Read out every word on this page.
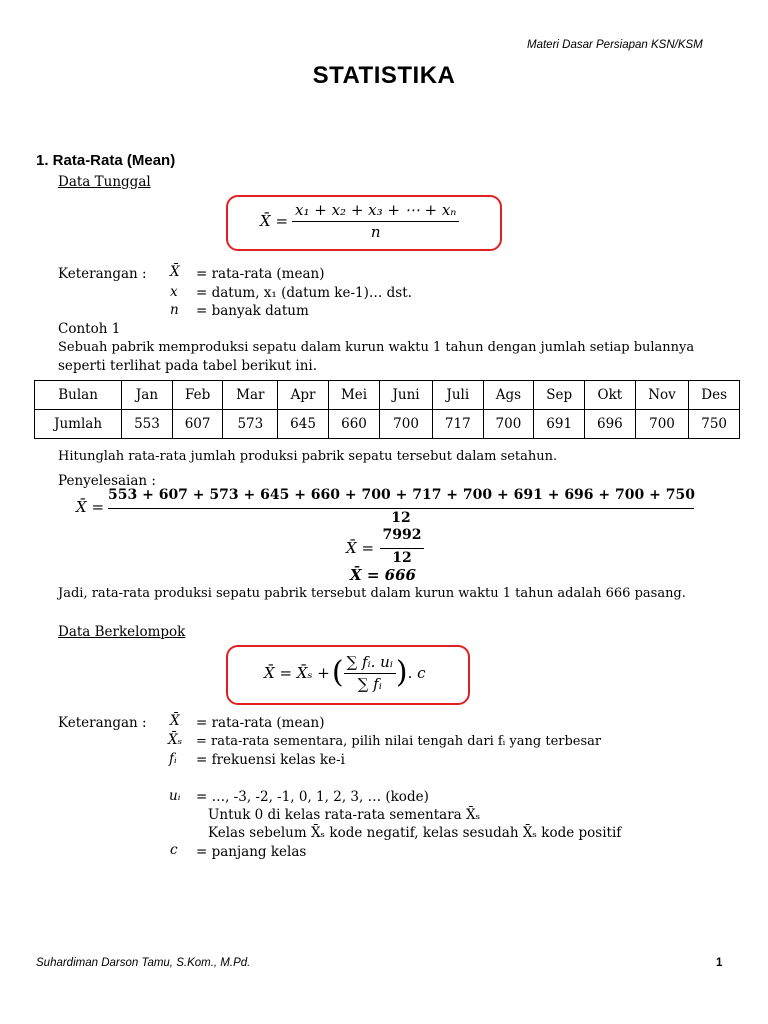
Materi Dasar Persiapan KSN/KSM
STATISTIKA
1. Rata-Rata (Mean)
Data Tunggal
X̄ = $\frac{\text{x₁ + x₂ + x₃ + ⋯ + xₙ}}{n}$
Keterangan : X̄ = rata-rata (mean)
x = datum, x₁ (datum ke-1)… dst.
n = banyak datum
Contoh 1
Sebuah pabrik memproduksi sepatu dalam kurun waktu 1 tahun dengan jumlah setiap bulannya
seperti terlihat pada tabel berikut ini.
Bulan	Jan	Feb	Mar	Apr	Mei	Juni	Juli	Ags	Sep	Okt	Nov	Des
Jumlah	553	607	573	645	660	700	717	700	691	696	700	750
Hitunglah rata-rata jumlah produksi pabrik sepatu tersebut dalam setahun.
Penyelesaian :
X̄ =
553 + 607 + 573 + 645 + 660 + 700 + 717 + 700 + 691 + 696 + 700 + 750
12
X̄ =
7992
12
X̄ = 666
Jadi, rata-rata produksi sepatu pabrik tersebut dalam kurun waktu 1 tahun adalah 666 pasang.
Data Berkelompok
X̄ = X̄ₛ + ( $\frac{\text{∑ fᵢ. uᵢ}}{\text{∑ fᵢ}}$ ) . c
Keterangan : X̄ = rata-rata (mean)
X̄ₛ = rata-rata sementara, pilih nilai tengah dari fᵢ yang terbesar
fᵢ = frekuensi kelas ke-i
uᵢ = …, -3, -2, -1, 0, 1, 2, 3, … (kode)
Untuk 0 di kelas rata-rata sementara X̄ₛ
Kelas sebelum X̄ₛ kode negatif, kelas sesudah X̄ₛ kode positif
c = panjang kelas
Suhardiman Darson Tamu, S.Kom., M.Pd.	1
